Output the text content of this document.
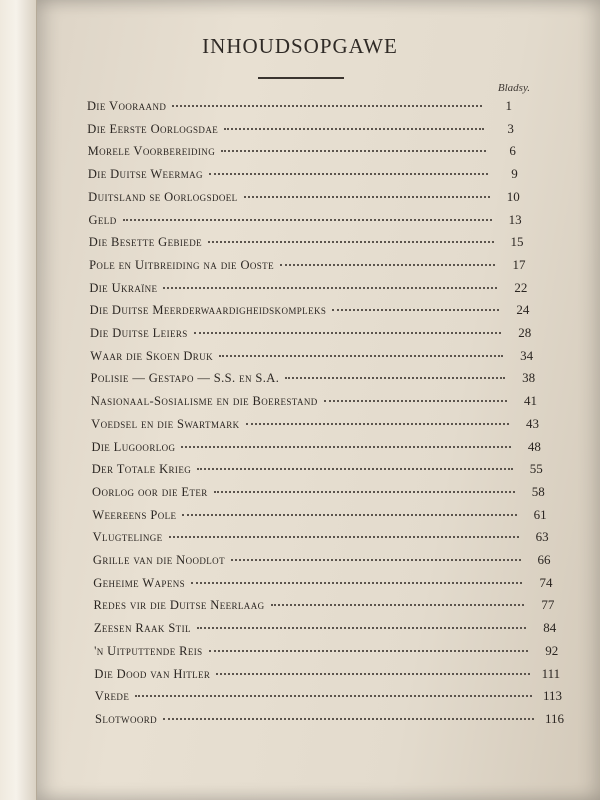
INHOUDSOPGAWE
Bladsy.
Die Vooraand	1
Die Eerste Oorlogsdae	3
Morele Voorbereiding	6
Die Duitse Weermag	9
Duitsland se Oorlogsdoel	10
Geld	13
Die Besette Gebiede	15
Pole en Uitbreiding na die Ooste	17
Die Ukraïne	22
Die Duitse Meerderwaardigheidskompleks	24
Die Duitse Leiers	28
Waar die Skoen Druk	34
Polisie — Gestapo — S.S. en S.A.	38
Nasionaal-Sosialisme en die Boerestand	41
Voedsel en die Swartmark	43
Die Lugoorlog	48
Der Totale Krieg	55
Oorlog oor die Eter	58
Weereens Pole	61
Vlugtelinge	63
Grille van die Noodlot	66
Geheime Wapens	74
Redes vir die Duitse Neerlaag	77
Zeesen Raak Stil	84
'n Uitputtende Reis	92
Die Dood van Hitler	111
Vrede	113
Slotwoord	116
